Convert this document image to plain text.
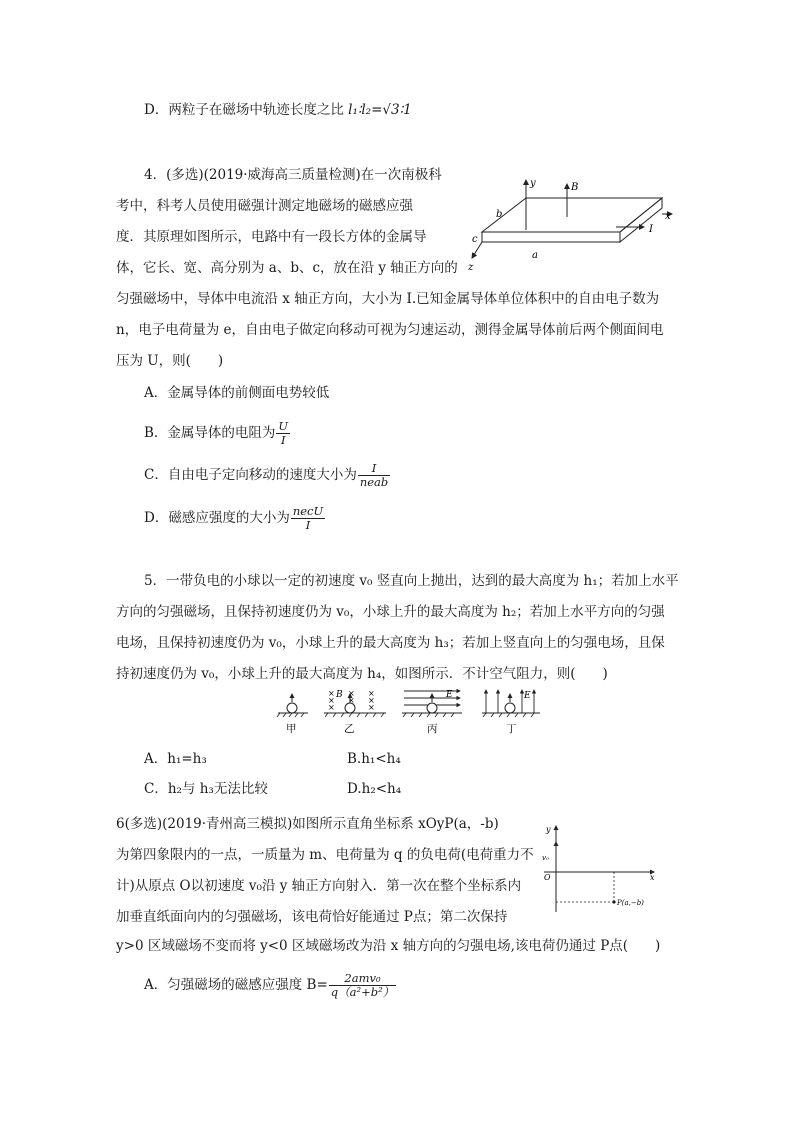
D．两粒子在磁场中轨迹长度之比 l₁∶l₂=√3∶1
4．(多选)(2019·威海高三质量检测)在一次南极科
考中，科考人员使用磁强计测定地磁场的磁感应强
度．其原理如图所示，电路中有一段长方体的金属导
体，它长、宽、高分别为 a、b、c，放在沿 y 轴正方向的
匀强磁场中，导体中电流沿 x 轴正方向，大小为 I.已知金属导体单位体积中的自由电子数为
n，电子电荷量为 e，自由电子做定向移动可视为匀速运动，测得金属导体前后两个侧面间电
压为 U，则(　　)
y
x
z
B
I
b
c
a
A．金属导体的前侧面电势较低
B．金属导体的电阻为 $\frac{U}{I}$
C．自由电子定向移动的速度大小为 $\frac{I}{\text{neab}}$
D．磁感应强度的大小为 $\frac{\text{necU}}{I}$
5．一带负电的小球以一定的初速度 v₀ 竖直向上抛出，达到的最大高度为 h₁；若加上水平
方向的匀强磁场，且保持初速度仍为 v₀，小球上升的最大高度为 h₂；若加上水平方向的匀强
电场，且保持初速度仍为 v₀，小球上升的最大高度为 h₃；若加上竖直向上的匀强电场，且保
持初速度仍为 v₀，小球上升的最大高度为 h₄，如图所示．不计空气阻力，则(　　)
甲
× × ×
×	×
× × ×
B
乙
E
丙
E
丁
A．h₁=h₃	B.h₁<h₄
C．h₂与 h₃无法比较	D.h₂<h₄
6(多选)(2019·青州高三模拟)如图所示直角坐标系 xOyP(a，-b)
为第四象限内的一点，一质量为 m、电荷量为 q 的负电荷(电荷重力不
计)从原点 O以初速度 v₀沿 y 轴正方向射入．第一次在整个坐标系内
加垂直纸面向内的匀强磁场，该电荷恰好能通过 P点；第二次保持
y>0 区域磁场不变而将 y<0 区域磁场改为沿 x 轴方向的匀强电场,该电荷仍通过 P点(　　)
y
v₀
x
O
P(a,−b)
A．匀强磁场的磁感应强度 $B= \frac{\text{2amv₀}}{\text{q（a²+b²）}}$
